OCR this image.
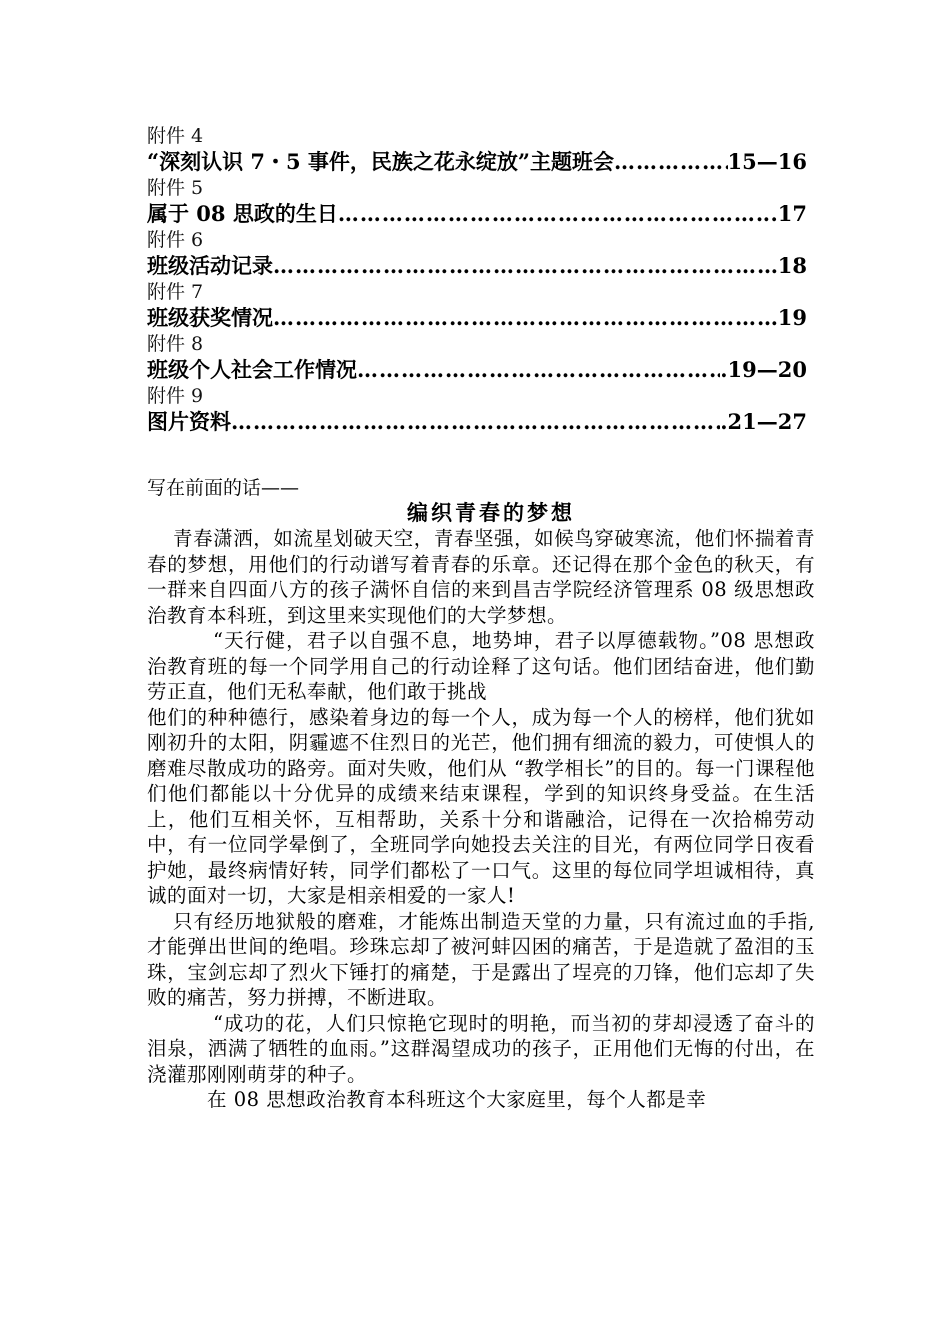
附件 4
“深刻认识 7・5 事件，民族之花永绽放”主题班会 ……………………………………………………………………………………………………………………………………	15—16
附件 5
属于 08 思政的生日 ……………………………………………………………………………………………………………………………………	.17
附件 6
班级活动记录 ……………………………………………………………………………………………………………………………………	18
附件 7
班级获奖情况 ……………………………………………………………………………………………………………………………………	19
附件 8
班级个人社会工作情况 ……………………………………………………………………………………………………………………………………	.19—20
附件 9
图片资料 ……………………………………………………………………………………………………………………………………	.21—27
写在前面的话——
编织青春的梦想

青春潇洒，如流星划破天空，青春坚强，如候鸟穿破寒流，他们怀揣着青春的梦想，用他们的行动谱写着青春的乐章。还记得在那个金色的秋天，有一群来自四面八方的孩子满怀自信的来到昌吉学院经济管理系 08 级思想政治教育本科班，到这里来实现他们的大学梦想。

“天行健，君子以自强不息，地势坤，君子以厚德载物。”08 思想政治教育班的每一个同学用自己的行动诠释了这句话。他们团结奋进，他们勤劳正直，他们无私奉献，他们敢于挑战

他们的种种德行，感染着身边的每一个人，成为每一个人的榜样，他们犹如刚初升的太阳，阴霾遮不住烈日的光芒，他们拥有细流的毅力，可使惧人的磨难尽散成功的路旁。面对失败，他们从 “教学相长”的目的。每一门课程他们他们都能以十分优异的成绩来结束课程，学到的知识终身受益。在生活上，他们互相关怀，互相帮助，关系十分和谐融洽，记得在一次拾棉劳动中，有一位同学晕倒了，全班同学向她投去关注的目光，有两位同学日夜看护她，最终病情好转，同学们都松了一口气。这里的每位同学坦诚相待，真诚的面对一切，大家是相亲相爱的一家人!

只有经历地狱般的磨难，才能炼出制造天堂的力量，只有流过血的手指,才能弹出世间的绝唱。珍珠忘却了被河蚌囚困的痛苦，于是造就了盈泪的玉珠，宝剑忘却了烈火下锤打的痛楚，于是露出了埕亮的刀锋，他们忘却了失败的痛苦，努力拼搏，不断进取。

“成功的花，人们只惊艳它现时的明艳，而当初的芽却浸透了奋斗的泪泉，洒满了牺牲的血雨。”这群渴望成功的孩子，正用他们无悔的付出，在浇灌那刚刚萌芽的种子。

在 08 思想政治教育本科班这个大家庭里，每个人都是幸
